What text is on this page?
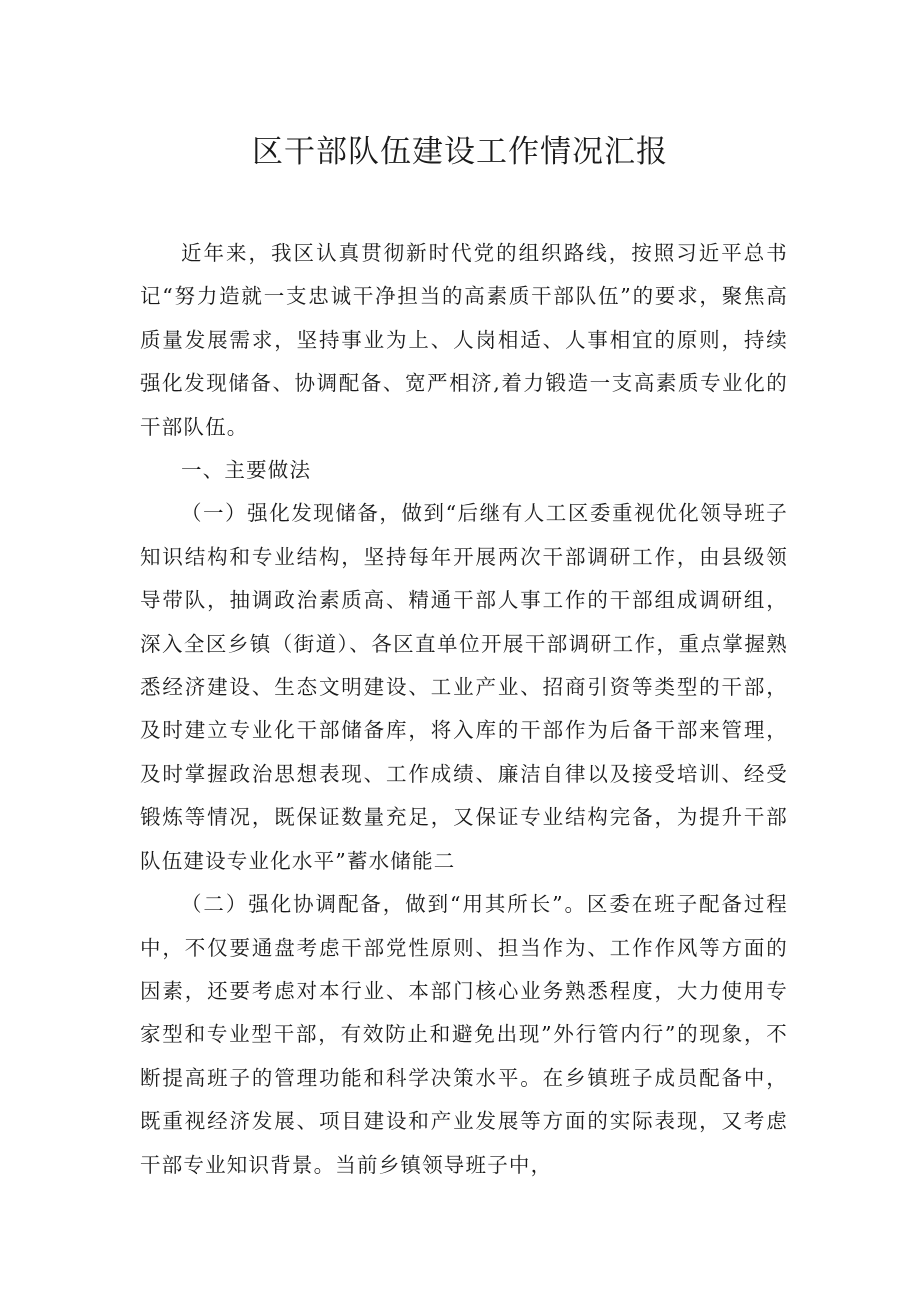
区干部队伍建设工作情况汇报

近年来，我区认真贯彻新时代党的组织路线，按照习近平总书记“努力造就一支忠诚干净担当的高素质干部队伍”的要求，聚焦高质量发展需求，坚持事业为上、人岗相适、人事相宜的原则，持续强化发现储备、协调配备、宽严相济,着力锻造一支高素质专业化的干部队伍。

一、主要做法

（一）强化发现储备，做到“后继有人工区委重视优化领导班子知识结构和专业结构，坚持每年开展两次干部调研工作，由县级领导带队，抽调政治素质高、精通干部人事工作的干部组成调研组，深入全区乡镇（街道）、各区直单位开展干部调研工作，重点掌握熟悉经济建设、生态文明建设、工业产业、招商引资等类型的干部，及时建立专业化干部储备库，将入库的干部作为后备干部来管理，及时掌握政治思想表现、工作成绩、廉洁自律以及接受培训、经受锻炼等情况，既保证数量充足，又保证专业结构完备，为提升干部队伍建设专业化水平”蓄水储能二

（二）强化协调配备，做到“用其所长”。区委在班子配备过程中，不仅要通盘考虑干部党性原则、担当作为、工作作风等方面的因素，还要考虑对本行业、本部门核心业务熟悉程度，大力使用专家型和专业型干部，有效防止和避免出现”外行管内行”的现象，不断提高班子的管理功能和科学决策水平。在乡镇班子成员配备中，既重视经济发展、项目建设和产业发展等方面的实际表现，又考虑干部专业知识背景。当前乡镇领导班子中，
